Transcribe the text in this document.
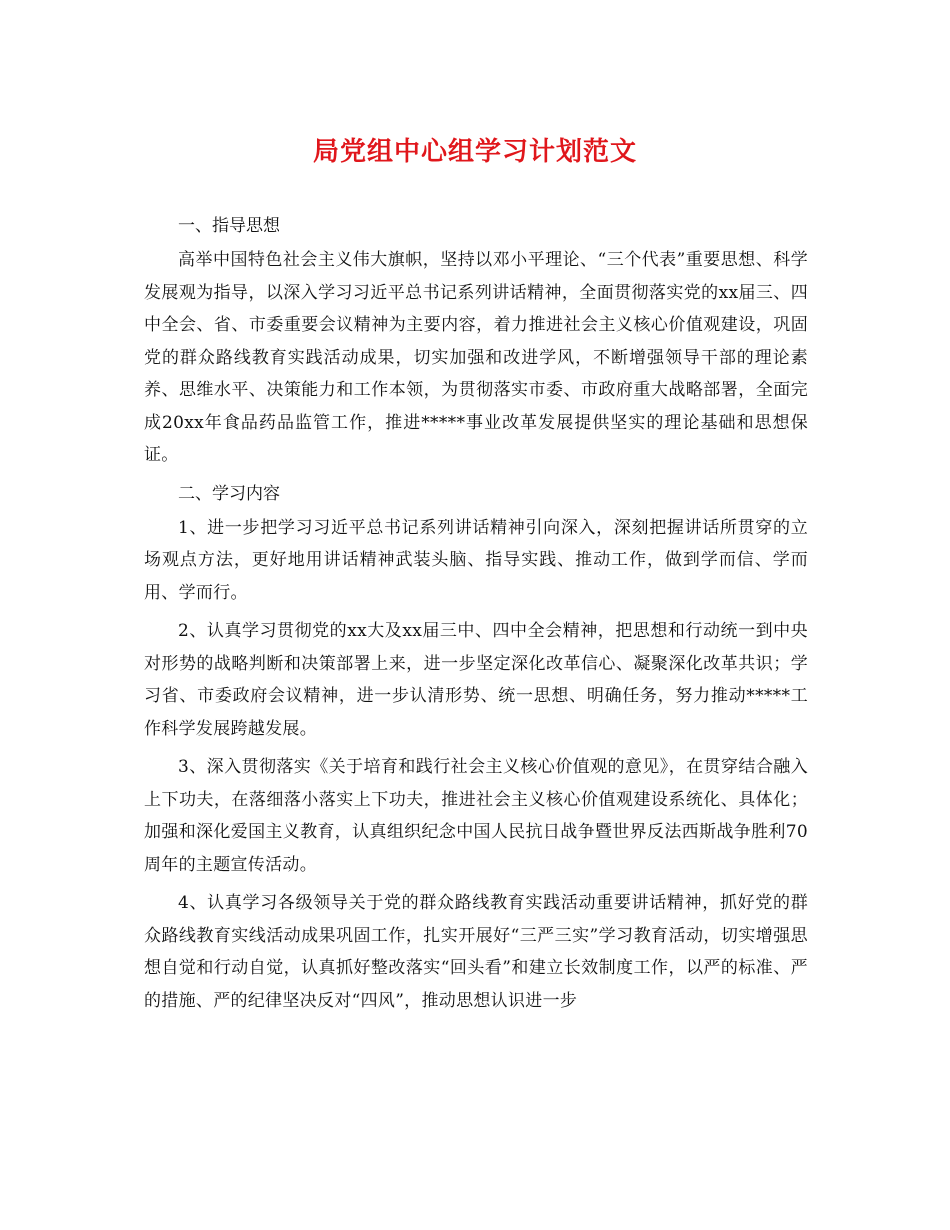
局党组中心组学习计划范文

一、指导思想

高举中国特色社会主义伟大旗帜，坚持以邓小平理论、“三个代表”重要思想、科学发展观为指导，以深入学习习近平总书记系列讲话精神，全面贯彻落实党的xx届三、四中全会、省、市委重要会议精神为主要内容，着力推进社会主义核心价值观建设，巩固党的群众路线教育实践活动成果，切实加强和改进学风，不断增强领导干部的理论素养、思维水平、决策能力和工作本领，为贯彻落实市委、市政府重大战略部署，全面完成20xx年食品药品监管工作，推进*****事业改革发展提供坚实的理论基础和思想保证。

二、学习内容

1、进一步把学习习近平总书记系列讲话精神引向深入，深刻把握讲话所贯穿的立场观点方法，更好地用讲话精神武装头脑、指导实践、推动工作，做到学而信、学而用、学而行。

2、认真学习贯彻党的xx大及xx届三中、四中全会精神，把思想和行动统一到中央对形势的战略判断和决策部署上来，进一步坚定深化改革信心、凝聚深化改革共识；学习省、市委政府会议精神，进一步认清形势、统一思想、明确任务，努力推动*****工作科学发展跨越发展。

3、深入贯彻落实《关于培育和践行社会主义核心价值观的意见》，在贯穿结合融入上下功夫，在落细落小落实上下功夫，推进社会主义核心价值观建设系统化、具体化；加强和深化爱国主义教育，认真组织纪念中国人民抗日战争暨世界反法西斯战争胜利70周年的主题宣传活动。

4、认真学习各级领导关于党的群众路线教育实践活动重要讲话精神，抓好党的群众路线教育实线活动成果巩固工作，扎实开展好“三严三实”学习教育活动，切实增强思想自觉和行动自觉，认真抓好整改落实“回头看”和建立长效制度工作，以严的标准、严的措施、严的纪律坚决反对“四风”，推动思想认识进一步
